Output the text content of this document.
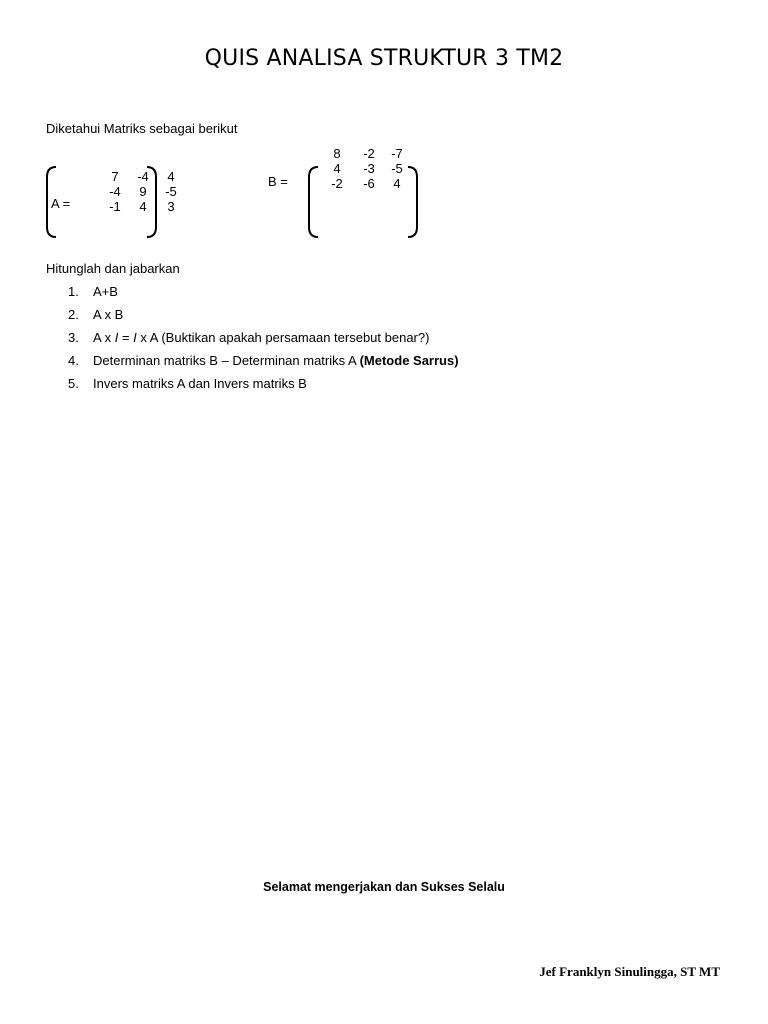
QUIS ANALISA STRUKTUR 3 TM2
Diketahui Matriks sebagai berikut
A =
7	-4	4
-4	9	-5
-1	4	3
B =
8	-2	-7
4	-3	-5
-2	-6	4
Hitunglah dan jabarkan
1. A+B
2. A x B
3. A x I = I x A (Buktikan apakah persamaan tersebut benar?)
4. Determinan matriks B – Determinan matriks A (Metode Sarrus)
5. Invers matriks A dan Invers matriks B
Selamat mengerjakan dan Sukses Selalu
Jef Franklyn Sinulingga, ST MT
